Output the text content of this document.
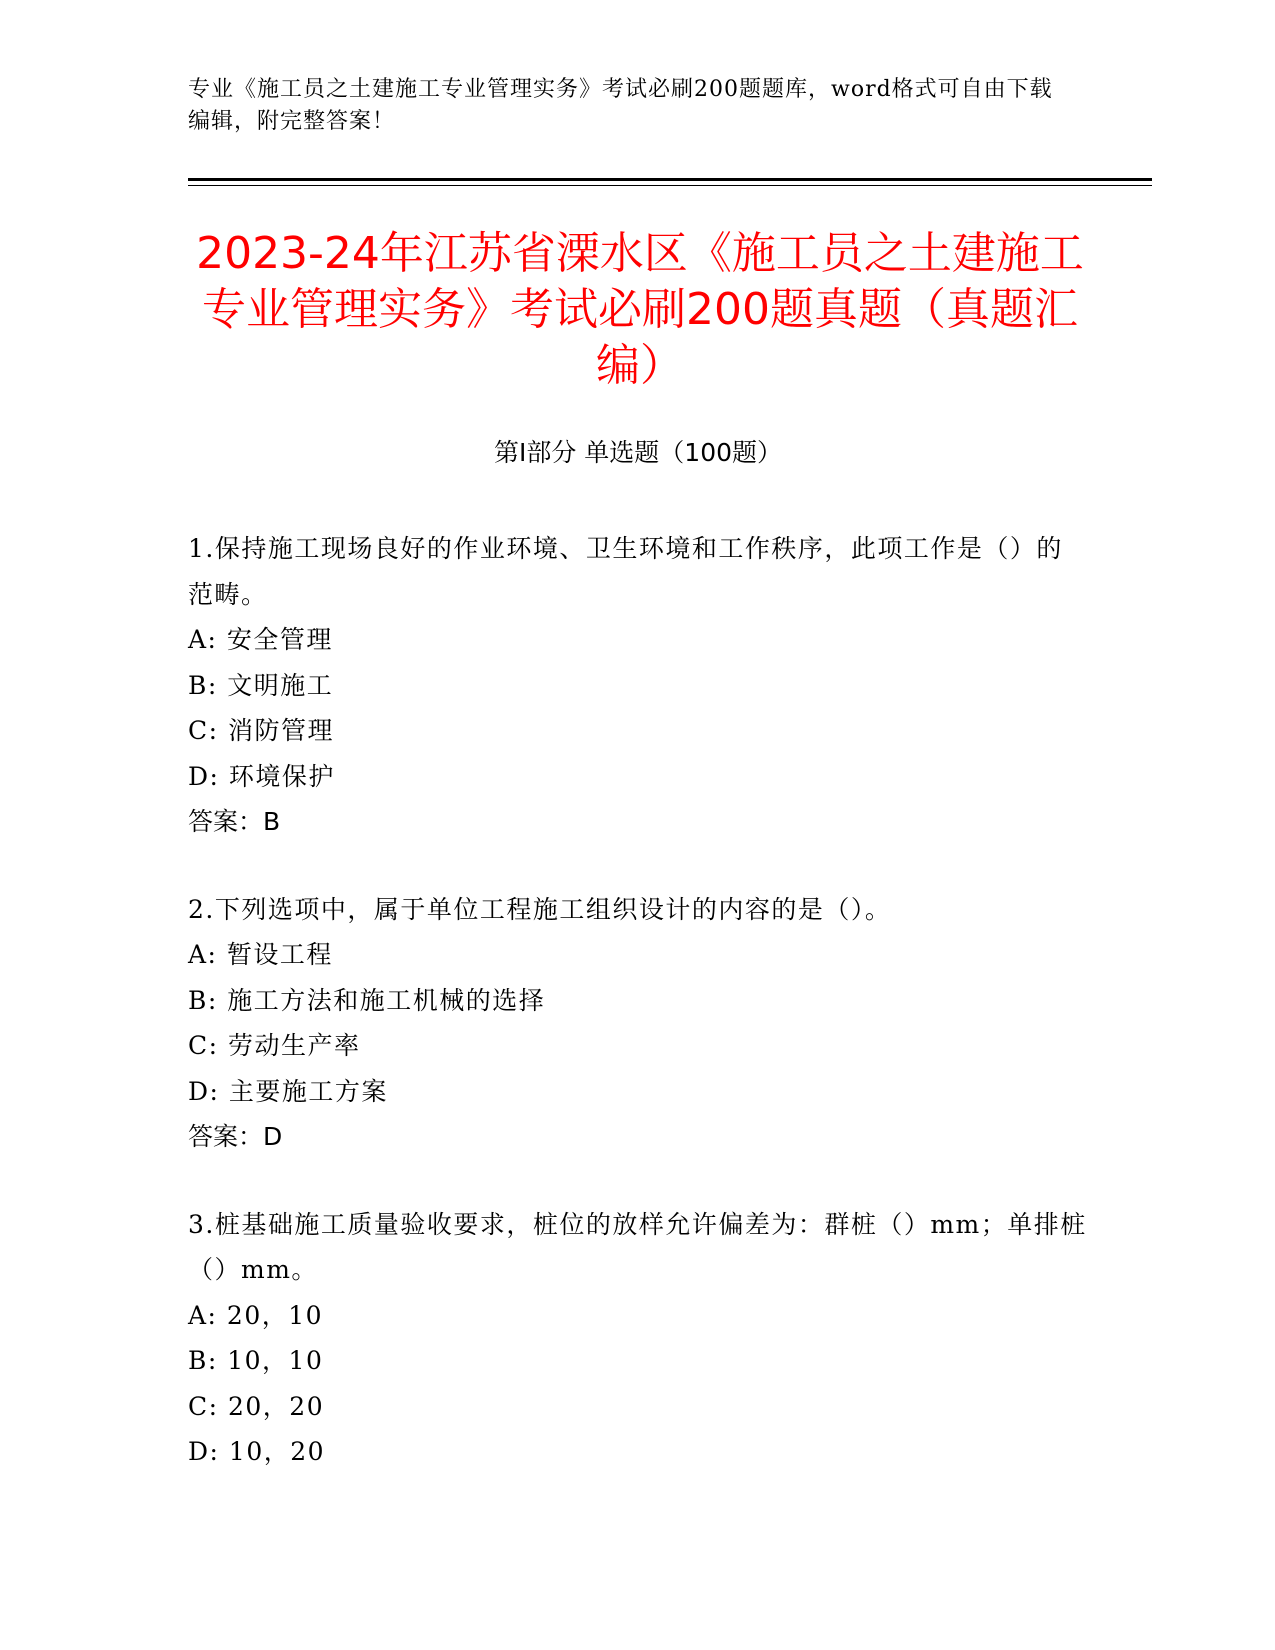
专业《施工员之土建施工专业管理实务》考试必刷200题题库，word格式可自由下载编辑，附完整答案！
2023-24年江苏省溧水区《施工员之土建施工专业管理实务》考试必刷200题真题（真题汇编）
第Ⅰ部分 单选题（100题）
1.保持施工现场良好的作业环境、卫生环境和工作秩序，此项工作是（）的范畴。
A: 安全管理
B: 文明施工
C: 消防管理
D: 环境保护
答案：B
2.下列选项中，属于单位工程施工组织设计的内容的是（）。
A: 暂设工程
B: 施工方法和施工机械的选择
C: 劳动生产率
D: 主要施工方案
答案：D
3.桩基础施工质量验收要求，桩位的放样允许偏差为：群桩（）mm；单排桩（）mm。
A: 20，10
B: 10，10
C: 20，20
D: 10，20
